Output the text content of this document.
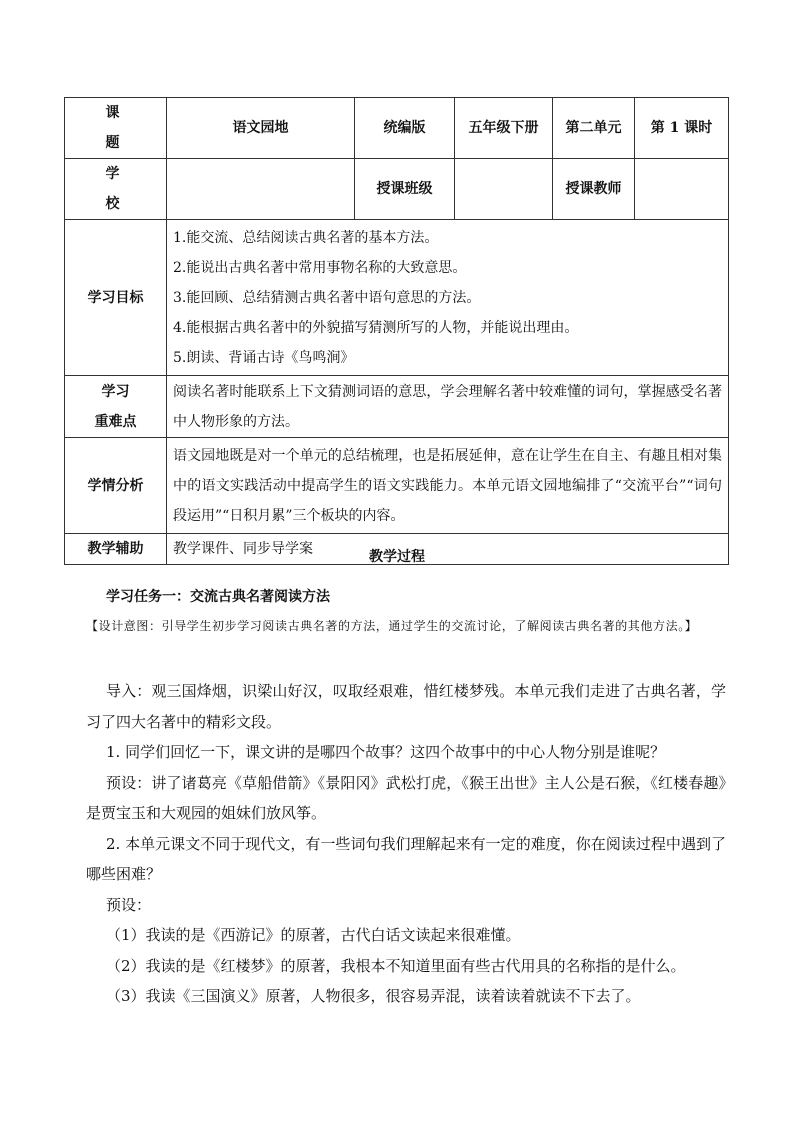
课　题	语文园地	统编版	五年级下册	第二单元	第 1 课时
学　校		授课班级		授课教师	
学习目标	1.能交流、总结阅读古典名著的基本方法。
2.能说出古典名著中常用事物名称的大致意思。
3.能回顾、总结猜测古典名著中语句意思的方法。
4.能根据古典名著中的外貌描写猜测所写的人物，并能说出理由。
5.朗读、背诵古诗《鸟鸣涧》				

学习
重难点	阅读名著时能联系上下文猜测词语的意思，学会理解名著中较难懂的词句，掌握感受名著中人物形象的方法。				
学情分析	语文园地既是对一个单元的总结梳理，也是拓展延伸，意在让学生在自主、有趣且相对集中的语文实践活动中提高学生的语文实践能力。本单元语文园地编排了“交流平台”“词句段运用”“日积月累”三个板块的内容。				
教学辅助	教学课件、同步导学案					教学过程
学习任务一：交流古典名著阅读方法
【设计意图：引导学生初步学习阅读古典名著的方法，通过学生的交流讨论，了解阅读古典名著的其他方法。】

导入：观三国烽烟，识梁山好汉，叹取经艰难，惜红楼梦残。本单元我们走进了古典名著，学习了四大名著中的精彩文段。

1. 同学们回忆一下，课文讲的是哪四个故事？这四个故事中的中心人物分别是谁呢？

预设：讲了诸葛亮《草船借箭》《景阳冈》武松打虎，《猴王出世》主人公是石猴，《红楼春趣》是贾宝玉和大观园的姐妹们放风筝。

2. 本单元课文不同于现代文，有一些词句我们理解起来有一定的难度，你在阅读过程中遇到了哪些困难？

预设：

（1）我读的是《西游记》的原著，古代白话文读起来很难懂。

（2）我读的是《红楼梦》的原著，我根本不知道里面有些古代用具的名称指的是什么。

（3）我读《三国演义》原著，人物很多，很容易弄混，读着读着就读不下去了。
